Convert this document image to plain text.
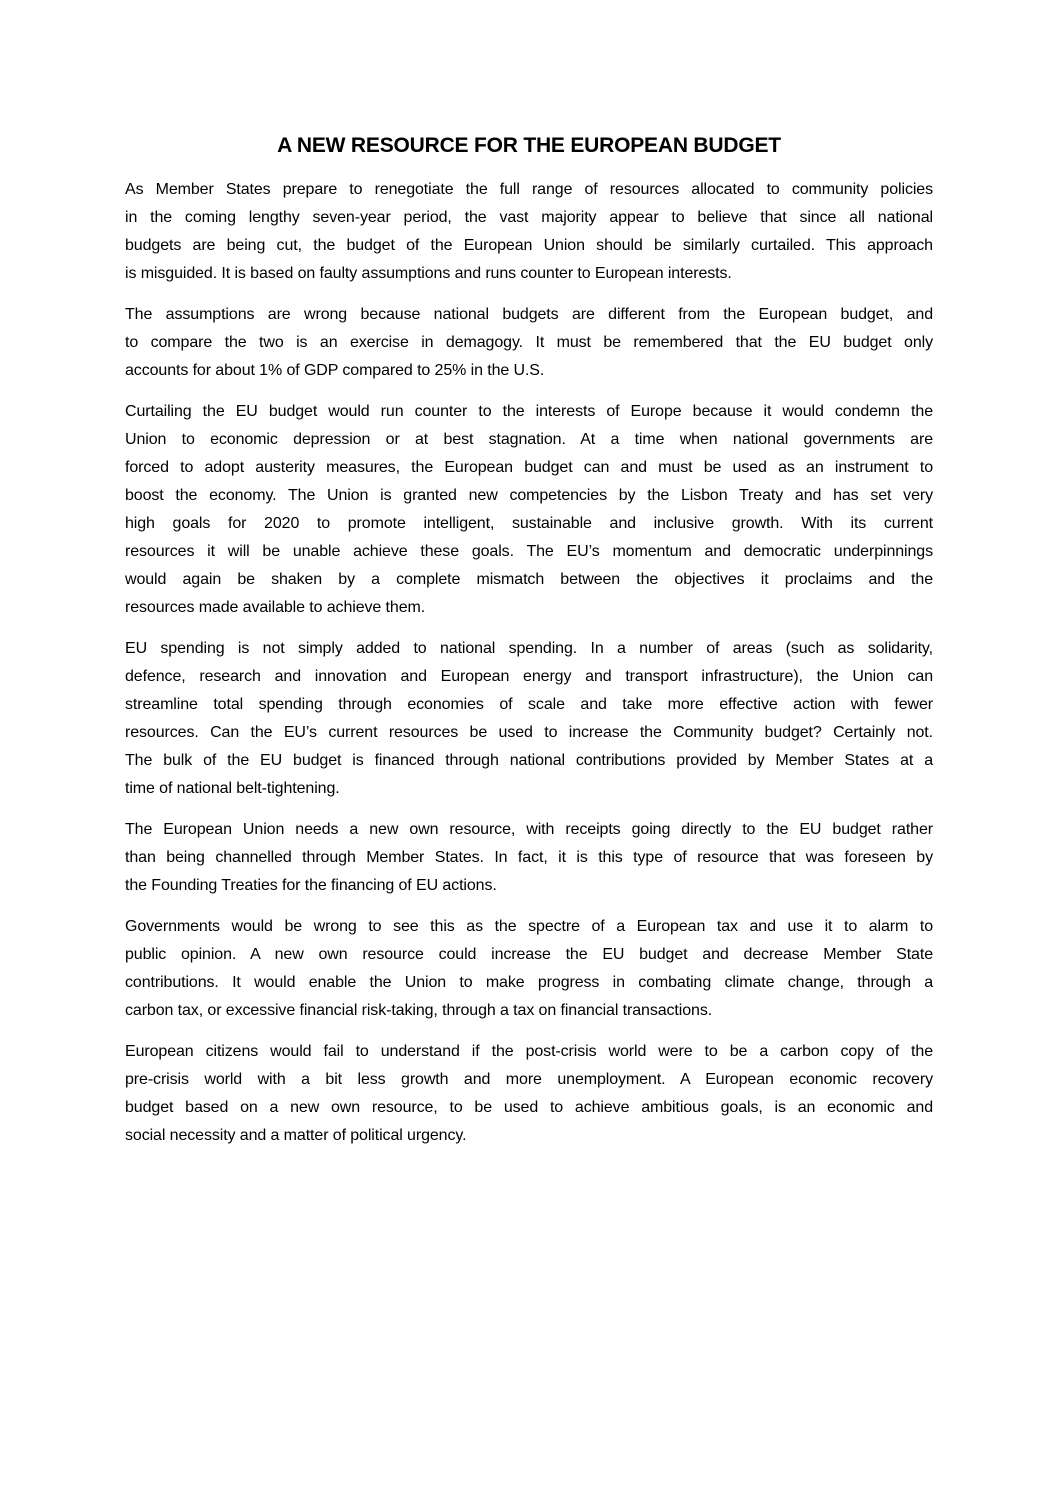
A NEW RESOURCE FOR THE EUROPEAN BUDGET

As Member States prepare to renegotiate the full range of resources allocated to community policies
in the coming lengthy seven-year period, the vast majority appear to believe that since all national
budgets are being cut, the budget of the European Union should be similarly curtailed. This approach
is misguided. It is based on faulty assumptions and runs counter to European interests.

The assumptions are wrong because national budgets are different from the European budget, and
to compare the two is an exercise in demagogy. It must be remembered that the EU budget only
accounts for about 1% of GDP compared to 25% in the U.S.

Curtailing the EU budget would run counter to the interests of Europe because it would condemn the
Union to economic depression or at best stagnation. At a time when national governments are
forced to adopt austerity measures, the European budget can and must be used as an instrument to
boost the economy. The Union is granted new competencies by the Lisbon Treaty and has set very
high goals for 2020 to promote intelligent, sustainable and inclusive growth. With its current
resources it will be unable achieve these goals. The EU’s momentum and democratic underpinnings
would again be shaken by a complete mismatch between the objectives it proclaims and the
resources made available to achieve them.

EU spending is not simply added to national spending. In a number of areas (such as solidarity,
defence, research and innovation and European energy and transport infrastructure), the Union can
streamline total spending through economies of scale and take more effective action with fewer
resources. Can the EU’s current resources be used to increase the Community budget? Certainly not.
The bulk of the EU budget is financed through national contributions provided by Member States at a
time of national belt-tightening.

The European Union needs a new own resource, with receipts going directly to the EU budget rather
than being channelled through Member States. In fact, it is this type of resource that was foreseen by
the Founding Treaties for the financing of EU actions.

Governments would be wrong to see this as the spectre of a European tax and use it to alarm to
public opinion. A new own resource could increase the EU budget and decrease Member State
contributions. It would enable the Union to make progress in combating climate change, through a
carbon tax, or excessive financial risk-taking, through a tax on financial transactions.

European citizens would fail to understand if the post-crisis world were to be a carbon copy of the
pre-crisis world with a bit less growth and more unemployment. A European economic recovery
budget based on a new own resource, to be used to achieve ambitious goals, is an economic and
social necessity and a matter of political urgency.
